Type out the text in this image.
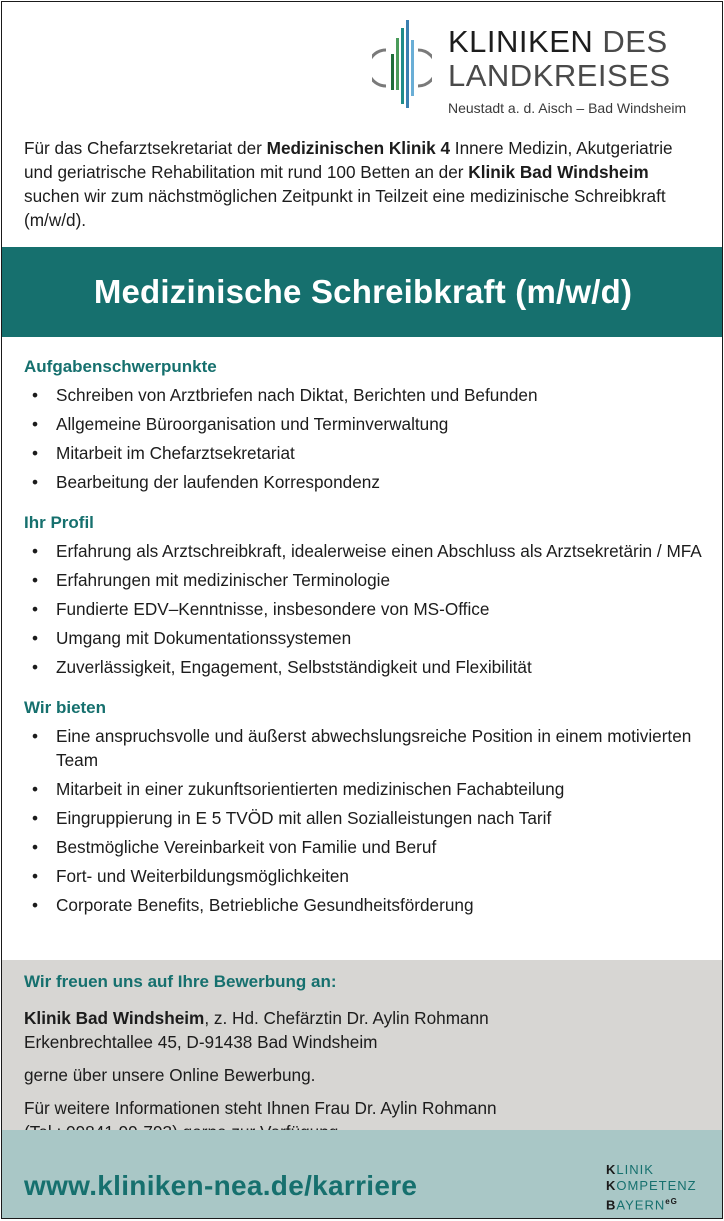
KLINIKEN DES
LANDKREISES
Neustadt a. d. Aisch – Bad Windsheim
Für das Chefarztsekretariat der Medizinischen Klinik 4 Innere Medizin, Akutgeriatrie und geriatrische Rehabilitation mit rund 100 Betten an der Klinik Bad Windsheim suchen wir zum nächstmöglichen Zeitpunkt in Teilzeit eine medizinische Schreibkraft (m/w/d).
Medizinische Schreibkraft (m/w/d)
Aufgabenschwerpunkte
• Schreiben von Arztbriefen nach Diktat, Berichten und Befunden
• Allgemeine Büroorganisation und Terminverwaltung
• Mitarbeit im Chefarztsekretariat
• Bearbeitung der laufenden Korrespondenz
Ihr Profil
• Erfahrung als Arztschreibkraft, idealerweise einen Abschluss als Arztsekretärin / MFA
• Erfahrungen mit medizinischer Terminologie
• Fundierte EDV–Kenntnisse, insbesondere von MS-Office
• Umgang mit Dokumentationssystemen
• Zuverlässigkeit, Engagement, Selbstständigkeit und Flexibilität
Wir bieten
• Eine anspruchsvolle und äußerst abwechslungsreiche Position in einem motivierten Team
• Mitarbeit in einer zukunftsorientierten medizinischen Fachabteilung
• Eingruppierung in E 5 TVÖD mit allen Sozialleistungen nach Tarif
• Bestmögliche Vereinbarkeit von Familie und Beruf
• Fort- und Weiterbildungsmöglichkeiten
• Corporate Benefits, Betriebliche Gesundheitsförderung
Wir freuen uns auf Ihre Bewerbung an:

Klinik Bad Windsheim, z. Hd. Chefärztin Dr. Aylin Rohmann
Erkenbrechtallee 45, D-91438 Bad Windsheim

gerne über unsere Online Bewerbung.

Für weitere Informationen steht Ihnen Frau Dr. Aylin Rohmann

www.kliniken-nea.de/karriere
KLINIK
KOMPETENZ
$BAYERN^{eG}$
